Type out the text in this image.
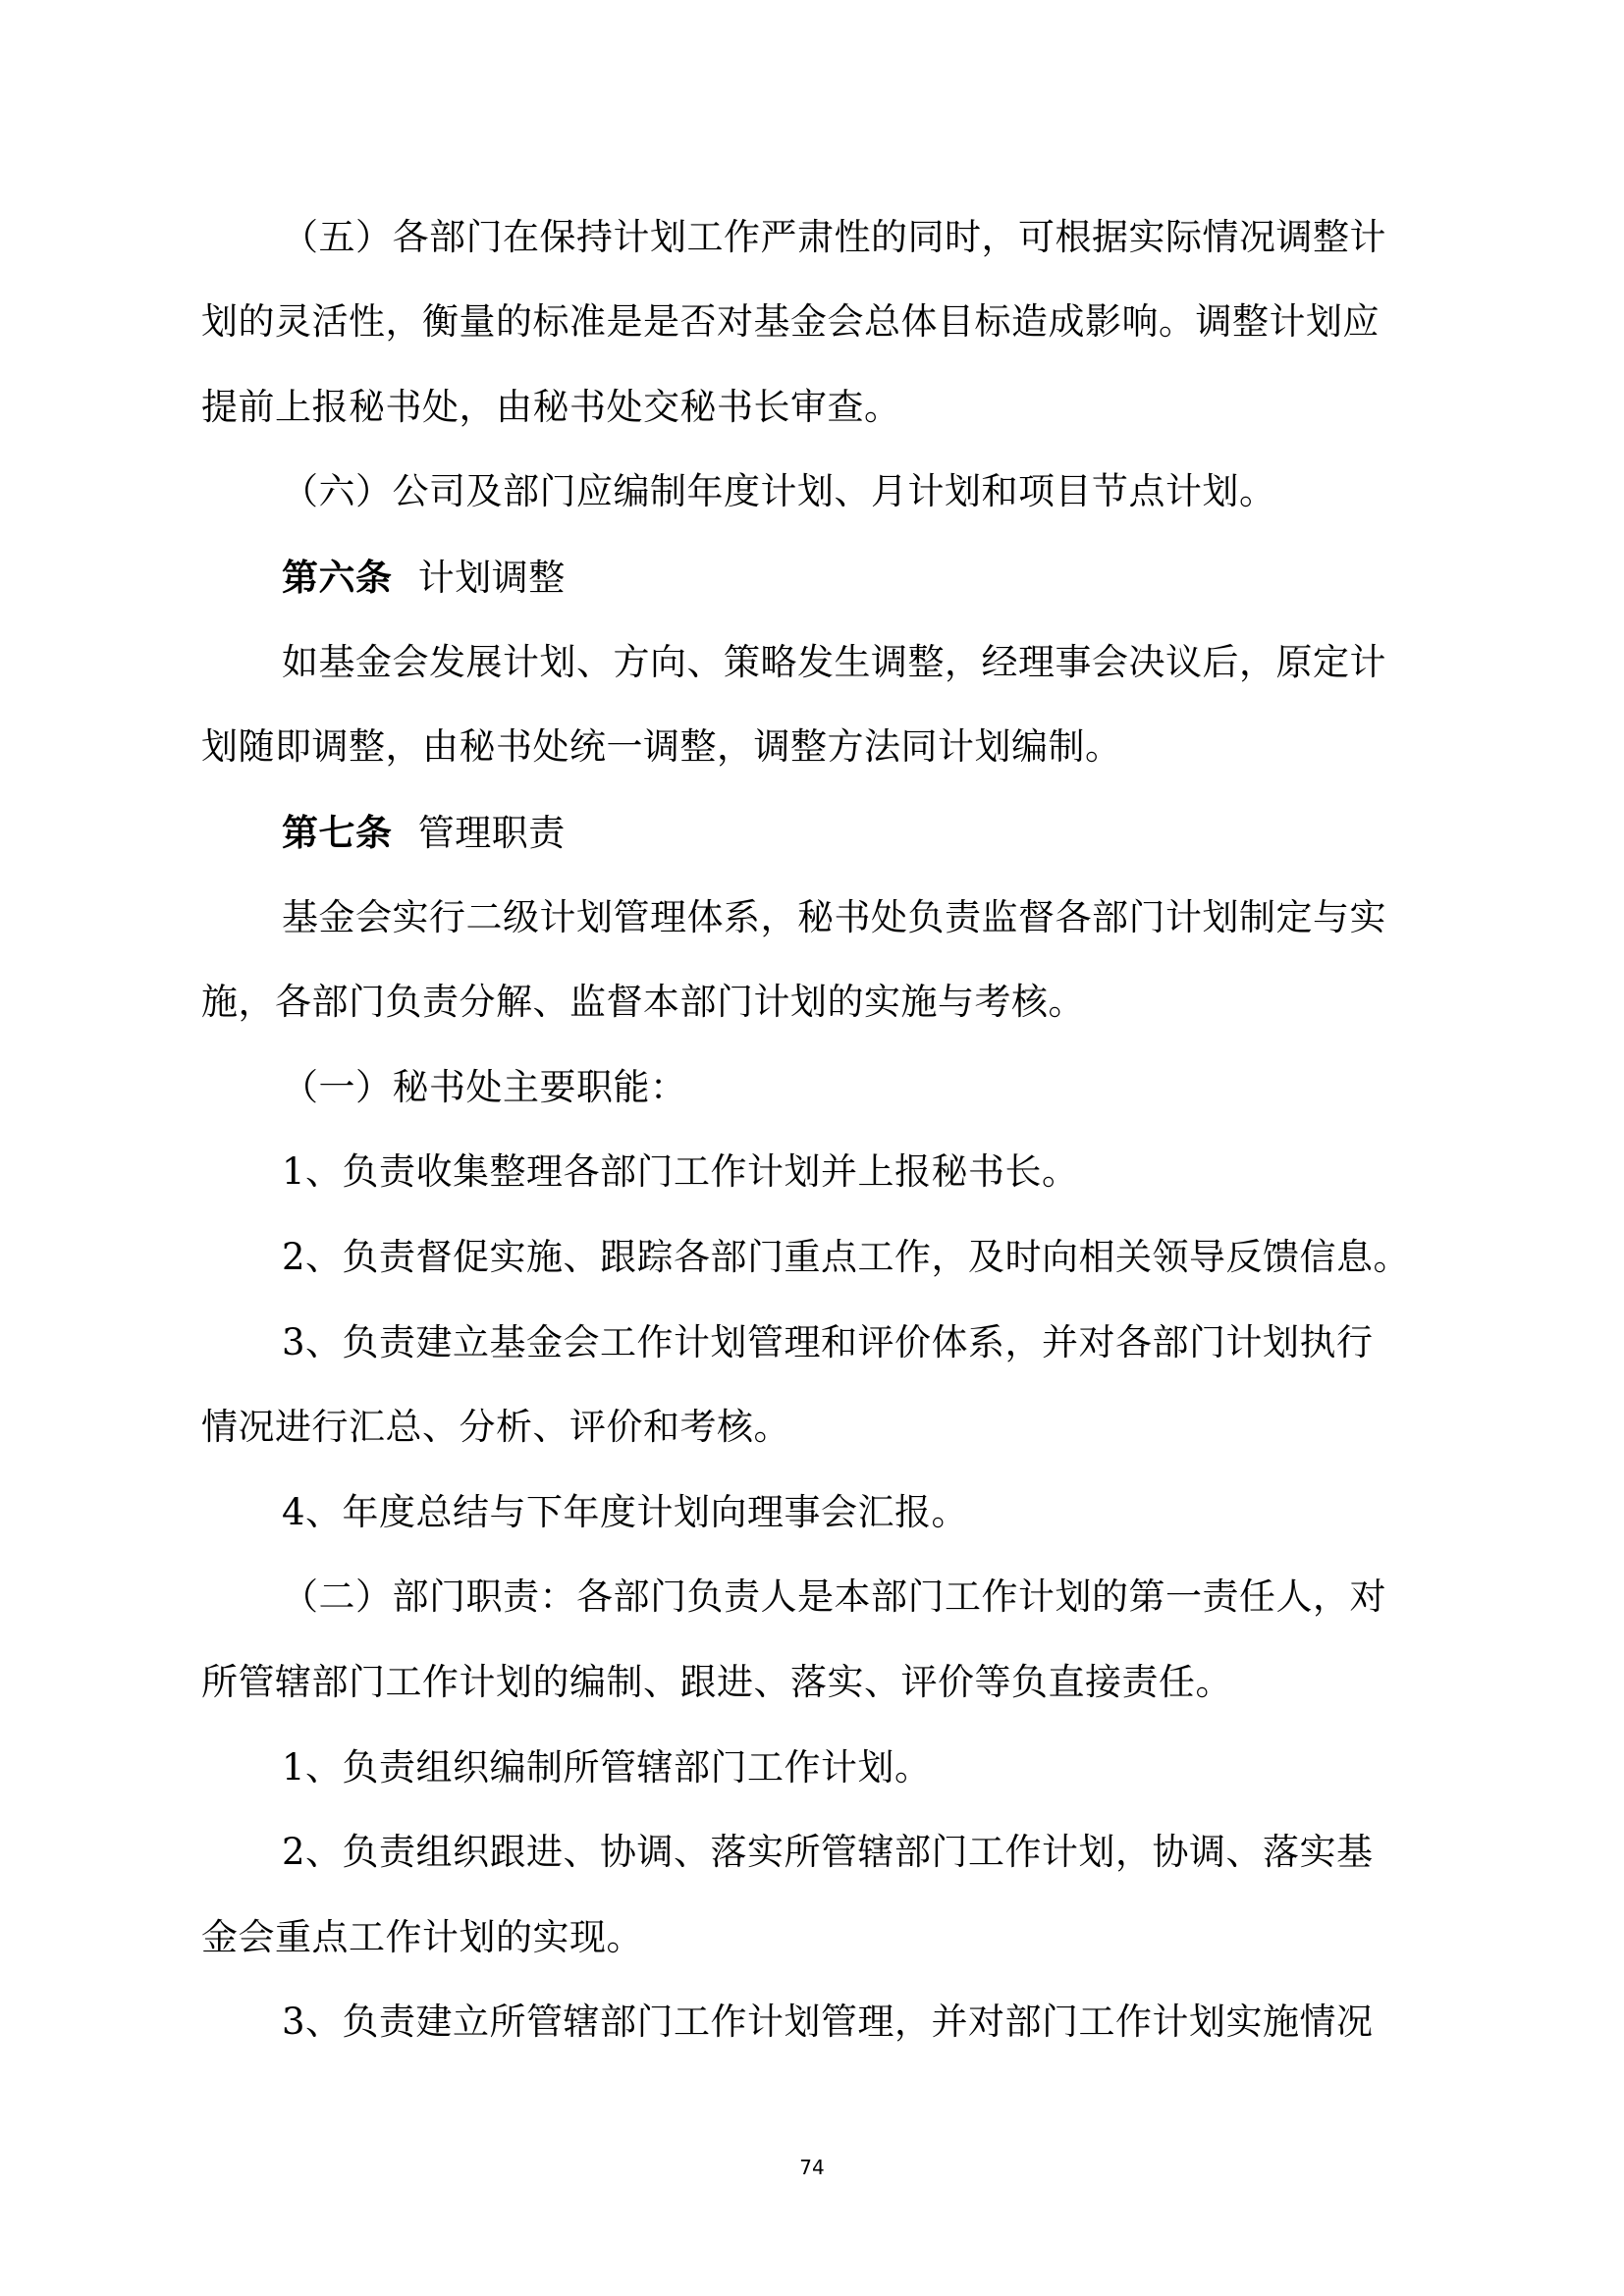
（五）各部门在保持计划工作严肃性的同时，可根据实际情况调整计
划的灵活性，衡量的标准是是否对基金会总体目标造成影响。调整计划应
提前上报秘书处，由秘书处交秘书长审查。
（六）公司及部门应编制年度计划、月计划和项目节点计划。
第六条 计划调整
如基金会发展计划、方向、策略发生调整，经理事会决议后，原定计
划随即调整，由秘书处统一调整，调整方法同计划编制。
第七条 管理职责
基金会实行二级计划管理体系，秘书处负责监督各部门计划制定与实
施，各部门负责分解、监督本部门计划的实施与考核。
（一）秘书处主要职能：
1、负责收集整理各部门工作计划并上报秘书长。
2、负责督促实施、跟踪各部门重点工作，及时向相关领导反馈信息。
3、负责建立基金会工作计划管理和评价体系，并对各部门计划执行
情况进行汇总、分析、评价和考核。
4、年度总结与下年度计划向理事会汇报。
（二）部门职责：各部门负责人是本部门工作计划的第一责任人，对
所管辖部门工作计划的编制、跟进、落实、评价等负直接责任。
1、负责组织编制所管辖部门工作计划。
2、负责组织跟进、协调、落实所管辖部门工作计划，协调、落实基
金会重点工作计划的实现。
3、负责建立所管辖部门工作计划管理，并对部门工作计划实施情况
74
